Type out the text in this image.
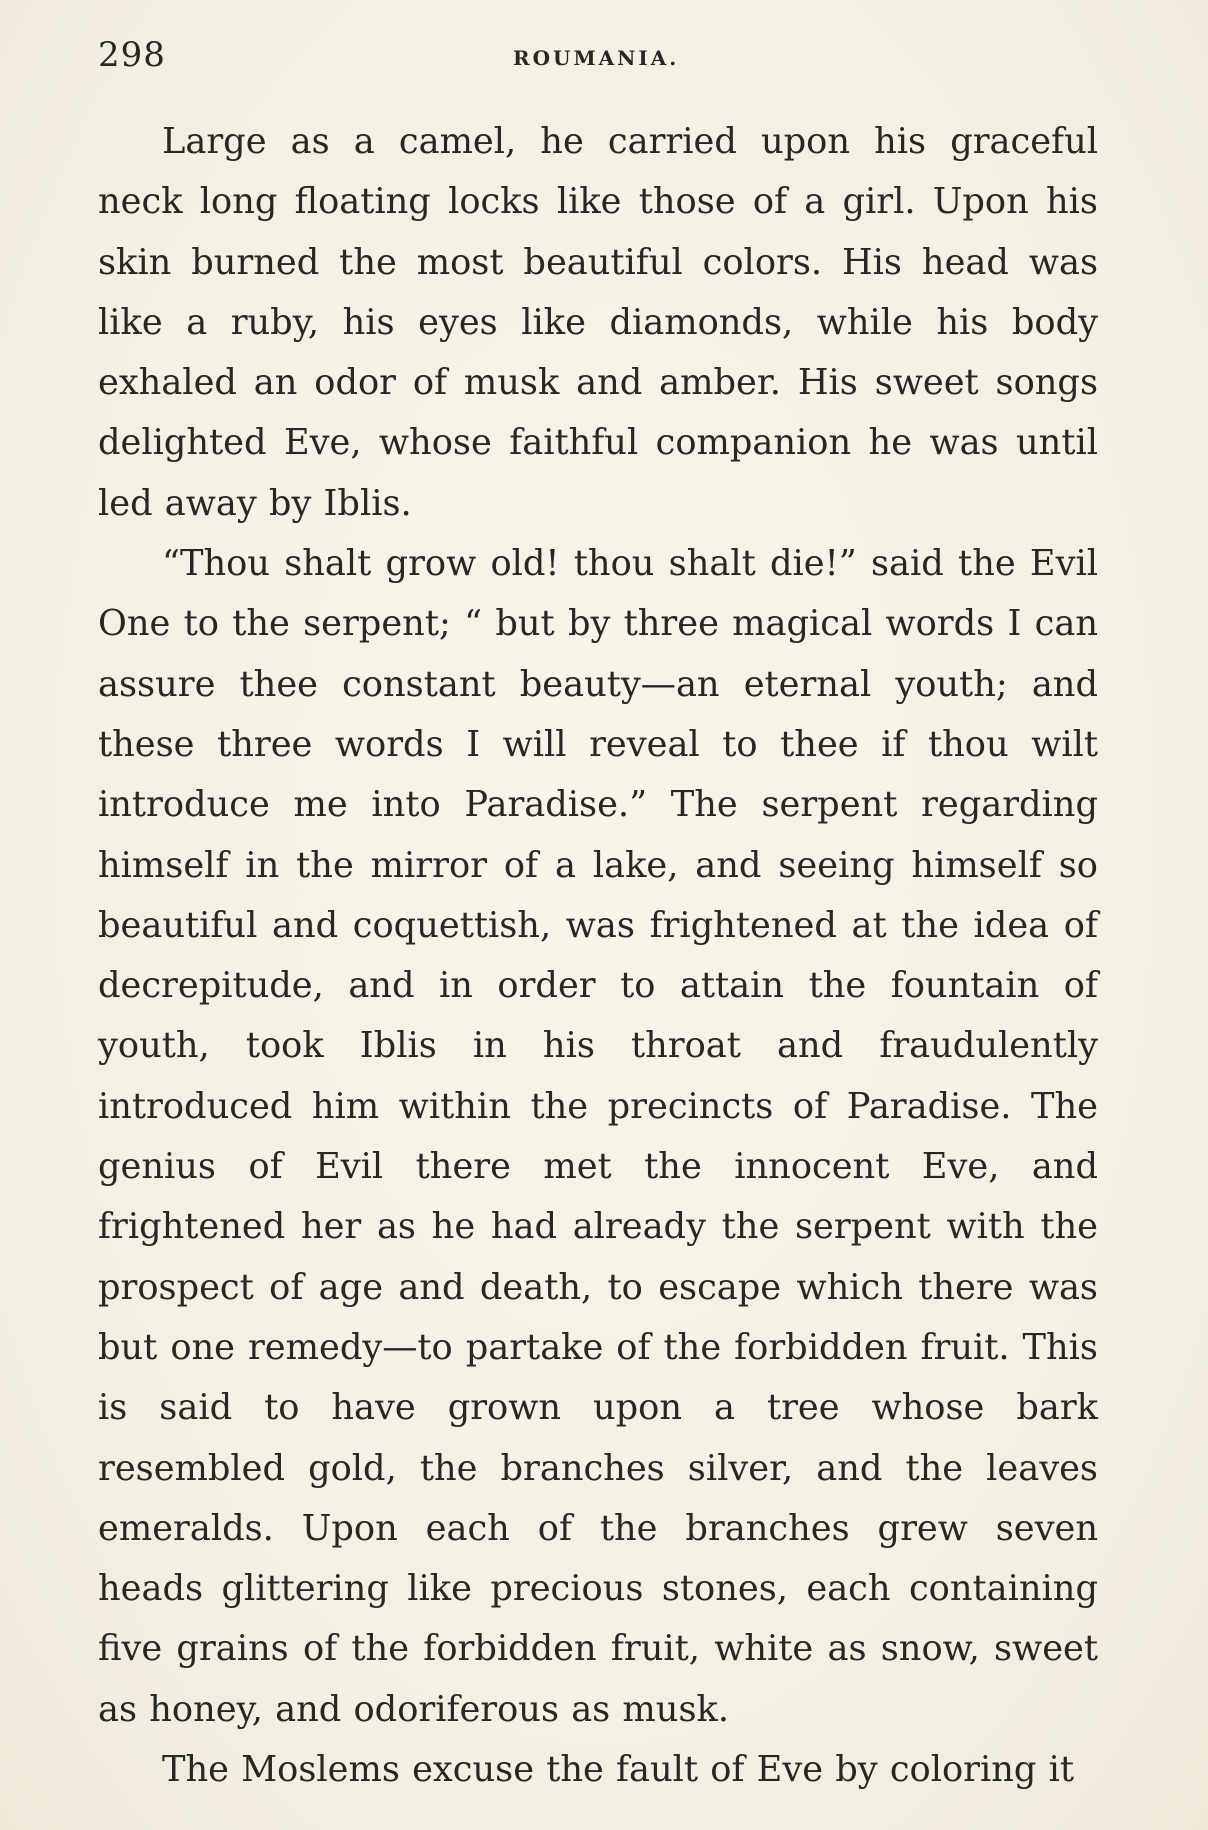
298	ROUMANIA.

Large as a camel, he carried upon his graceful neck long floating locks like those of a girl. Upon his skin burned the most beautiful colors. His head was like a ruby, his eyes like diamonds, while his body exhaled an odor of musk and amber. His sweet songs delighted Eve, whose faithful companion he was until led away by Iblis.

“Thou shalt grow old! thou shalt die!” said the Evil One to the serpent; “ but by three magical words I can assure thee constant beauty—an eternal youth; and these three words I will reveal to thee if thou wilt introduce me into Paradise.” The serpent regarding himself in the mirror of a lake, and seeing himself so beautiful and coquettish, was frightened at the idea of decrepitude, and in order to attain the fountain of youth, took Iblis in his throat and fraudulently introduced him within the precincts of Paradise. The genius of Evil there met the innocent Eve, and frightened her as he had already the serpent with the prospect of age and death, to escape which there was but one remedy—to partake of the forbidden fruit. This is said to have grown upon a tree whose bark resembled gold, the branches silver, and the leaves emeralds. Upon each of the branches grew seven heads glittering like precious stones, each containing five grains of the forbidden fruit, white as snow, sweet as honey, and odoriferous as musk.

The Moslems excuse the fault of Eve by coloring it
